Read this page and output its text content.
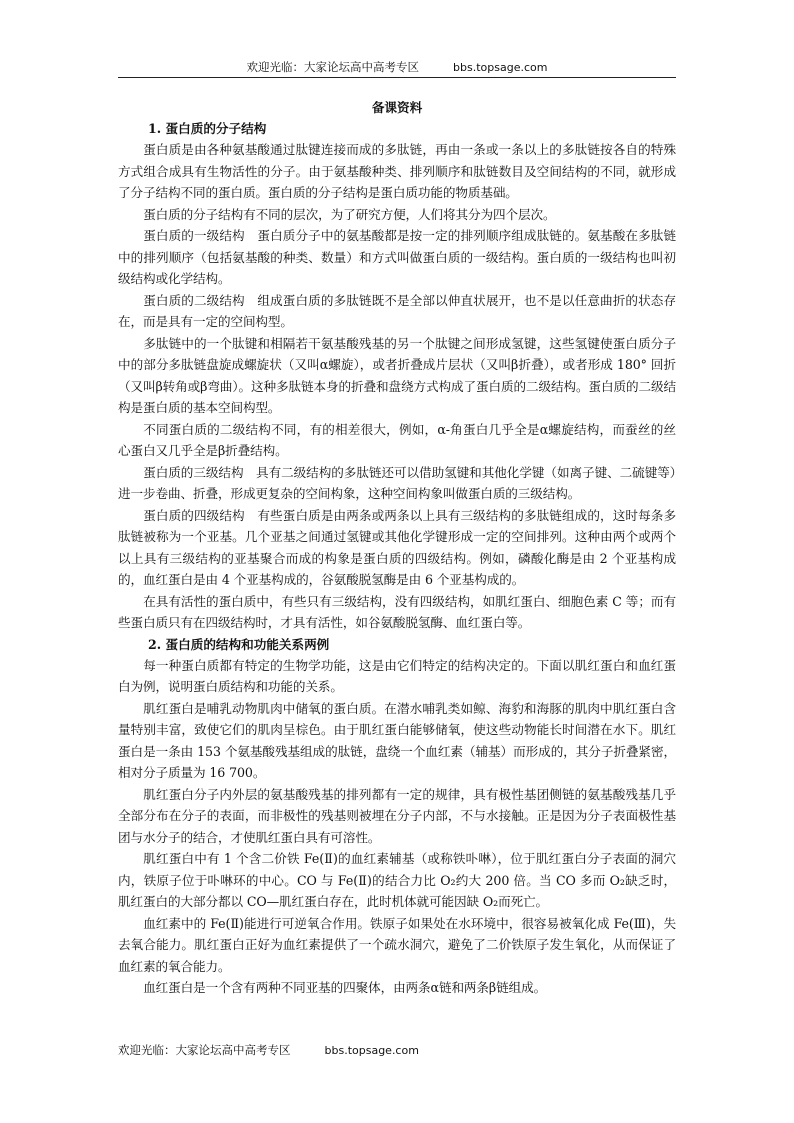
欢迎光临：大家论坛高中高考专区	bbs.topsage.com
备课资料
1. 蛋白质的分子结构

蛋白质是由各种氨基酸通过肽键连接而成的多肽链，再由一条或一条以上的多肽链按各自的特殊方式组合成具有生物活性的分子。由于氨基酸种类、排列顺序和肽链数目及空间结构的不同，就形成了分子结构不同的蛋白质。蛋白质的分子结构是蛋白质功能的物质基础。

蛋白质的分子结构有不同的层次，为了研究方便，人们将其分为四个层次。

蛋白质的一级结构　蛋白质分子中的氨基酸都是按一定的排列顺序组成肽链的。氨基酸在多肽链中的排列顺序（包括氨基酸的种类、数量）和方式叫做蛋白质的一级结构。蛋白质的一级结构也叫初级结构或化学结构。

蛋白质的二级结构　组成蛋白质的多肽链既不是全部以伸直状展开，也不是以任意曲折的状态存在，而是具有一定的空间构型。

多肽链中的一个肽键和相隔若干氨基酸残基的另一个肽键之间形成氢键，这些氢键使蛋白质分子中的部分多肽链盘旋成螺旋状（又叫α螺旋），或者折叠成片层状（又叫β折叠），或者形成 180° 回折（又叫β转角或β弯曲）。这种多肽链本身的折叠和盘绕方式构成了蛋白质的二级结构。蛋白质的二级结构是蛋白质的基本空间构型。

不同蛋白质的二级结构不同，有的相差很大，例如，α-角蛋白几乎全是α螺旋结构，而蚕丝的丝心蛋白又几乎全是β折叠结构。

蛋白质的三级结构　具有二级结构的多肽链还可以借助氢键和其他化学键（如离子键、二硫键等）进一步卷曲、折叠，形成更复杂的空间构象，这种空间构象叫做蛋白质的三级结构。

蛋白质的四级结构　有些蛋白质是由两条或两条以上具有三级结构的多肽链组成的，这时每条多肽链被称为一个亚基。几个亚基之间通过氢键或其他化学键形成一定的空间排列。这种由两个或两个以上具有三级结构的亚基聚合而成的构象是蛋白质的四级结构。例如，磷酸化酶是由 2 个亚基构成的，血红蛋白是由 4 个亚基构成的，谷氨酸脱氢酶是由 6 个亚基构成的。

在具有活性的蛋白质中，有些只有三级结构，没有四级结构，如肌红蛋白、细胞色素 C 等；而有些蛋白质只有在四级结构时，才具有活性，如谷氨酸脱氢酶、血红蛋白等。

2. 蛋白质的结构和功能关系两例

每一种蛋白质都有特定的生物学功能，这是由它们特定的结构决定的。下面以肌红蛋白和血红蛋白为例，说明蛋白质结构和功能的关系。

肌红蛋白是哺乳动物肌肉中储氧的蛋白质。在潜水哺乳类如鲸、海豹和海豚的肌肉中肌红蛋白含量特别丰富，致使它们的肌肉呈棕色。由于肌红蛋白能够储氧，使这些动物能长时间潜在水下。肌红蛋白是一条由 153 个氨基酸残基组成的肽链，盘绕一个血红素（辅基）而形成的，其分子折叠紧密，相对分子质量为 16 700。

肌红蛋白分子内外层的氨基酸残基的排列都有一定的规律，具有极性基团侧链的氨基酸残基几乎全部分布在分子的表面，而非极性的残基则被埋在分子内部，不与水接触。正是因为分子表面极性基团与水分子的结合，才使肌红蛋白具有可溶性。

肌红蛋白中有 1 个含二价铁 Fe(Ⅱ)的血红素辅基（或称铁卟啉），位于肌红蛋白分子表面的洞穴内，铁原子位于卟啉环的中心。CO 与 Fe(Ⅱ)的结合力比 O₂约大 200 倍。当 CO 多而 O₂缺乏时，肌红蛋白的大部分都以 CO—肌红蛋白存在，此时机体就可能因缺 O₂而死亡。

血红素中的 Fe(Ⅱ)能进行可逆氧合作用。铁原子如果处在水环境中，很容易被氧化成 Fe(Ⅲ)，失去氧合能力。肌红蛋白正好为血红素提供了一个疏水洞穴，避免了二价铁原子发生氧化，从而保证了血红素的氧合能力。

血红蛋白是一个含有两种不同亚基的四聚体，由两条α链和两条β链组成。

欢迎光临：大家论坛高中高考专区	bbs.topsage.com
